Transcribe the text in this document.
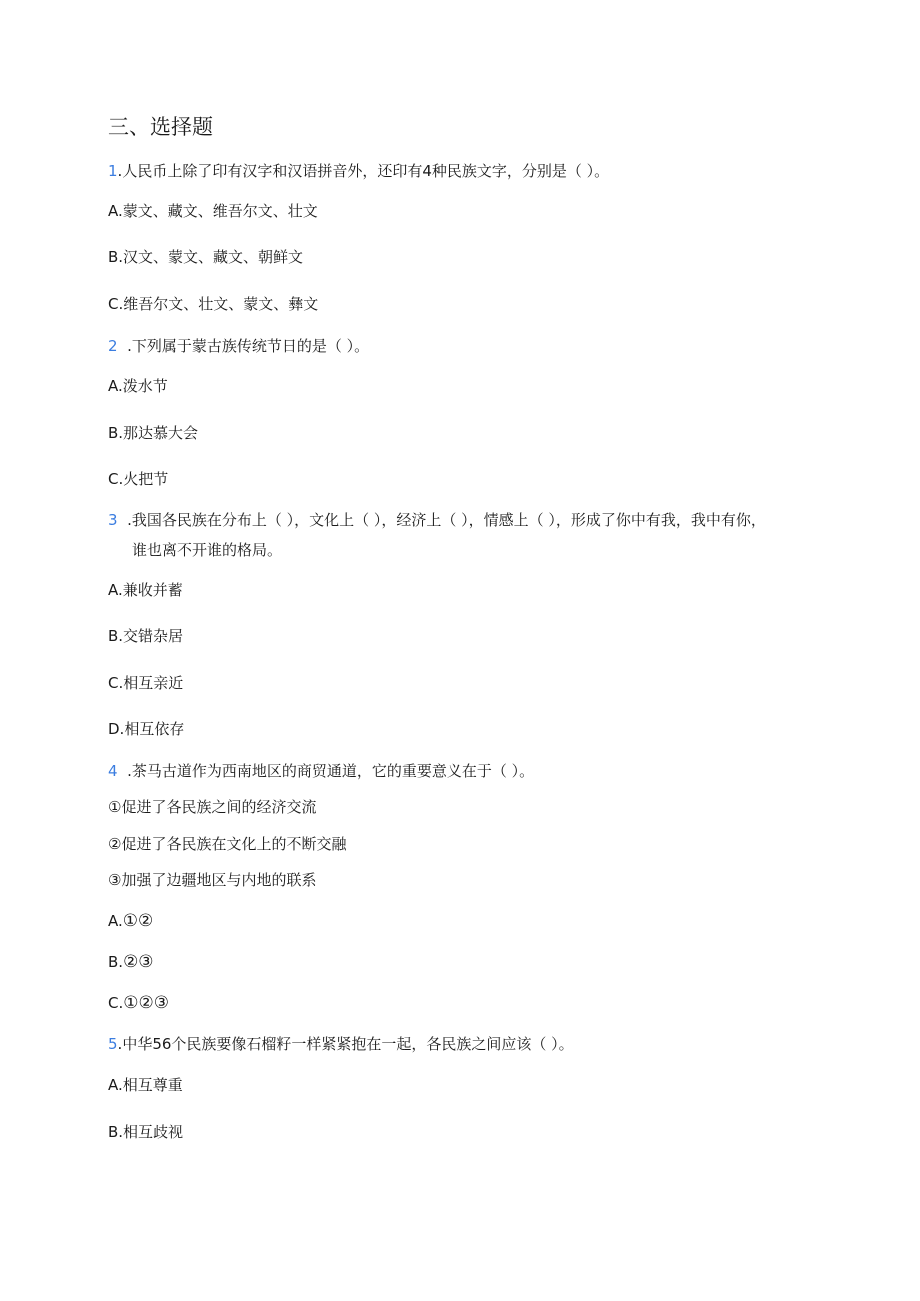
三、选择题
1.人民币上除了印有汉字和汉语拼音外，还印有4种民族文字，分别是（ ）。
A.蒙文、藏文、维吾尔文、壮文
B.汉文、蒙文、藏文、朝鲜文
C.维吾尔文、壮文、蒙文、彝文
2  .下列属于蒙古族传统节日的是（ ）。
A.泼水节
B.那达慕大会
C.火把节
3  .我国各民族在分布上（ ），文化上（ ），经济上（ ），情感上（ ），形成了你中有我，我中有你，
谁也离不开谁的格局。
A.兼收并蓄
B.交错杂居
C.相互亲近
D.相互依存
4  .茶马古道作为西南地区的商贸通道，它的重要意义在于（ ）。
①促进了各民族之间的经济交流
②促进了各民族在文化上的不断交融
③加强了边疆地区与内地的联系
A.①②
B.②③
C.①②③
5.中华56个民族要像石榴籽一样紧紧抱在一起，各民族之间应该（ ）。
A.相互尊重
B.相互歧视
